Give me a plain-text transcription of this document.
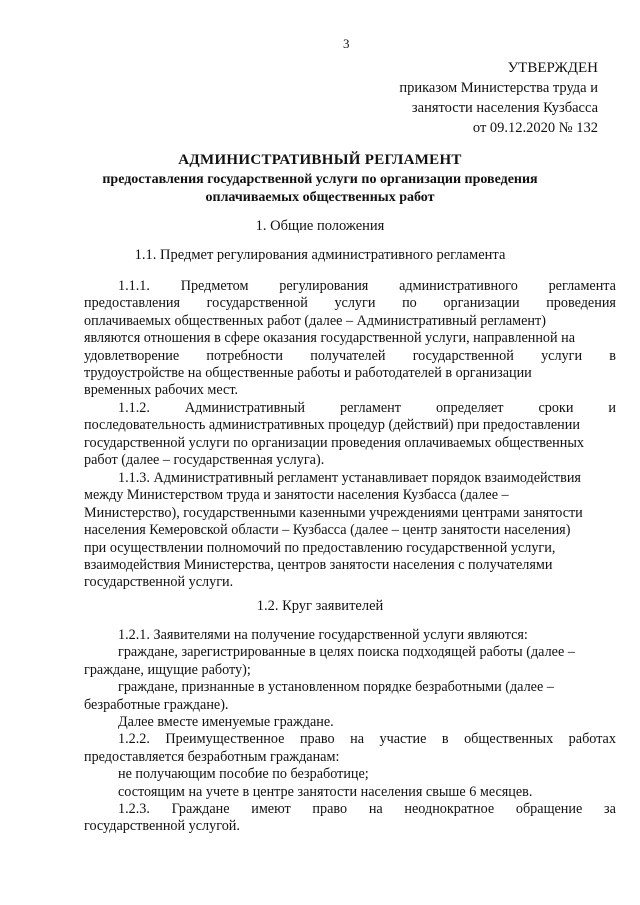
3
УТВЕРЖДЕН
приказом Министерства труда и
занятости населения Кузбасса
от 09.12.2020 № 132
АДМИНИСТРАТИВНЫЙ РЕГЛАМЕНТ
предоставления государственной услуги по организации проведения
оплачиваемых общественных работ
1. Общие положения
1.1. Предмет регулирования административного регламента
1.1.1. Предметом регулирования административного регламента
предоставления государственной услуги по организации проведения
оплачиваемых общественных работ (далее – Административный регламент)
являются отношения в сфере оказания государственной услуги, направленной на
удовлетворение потребности получателей государственной услуги в
трудоустройстве на общественные работы и работодателей в организации
временных рабочих мест.
1.1.2. Административный регламент определяет сроки и
последовательность административных процедур (действий) при предоставлении
государственной услуги по организации проведения оплачиваемых общественных
работ (далее – государственная услуга).
1.1.3. Административный регламент устанавливает порядок взаимодействия
между Министерством труда и занятости населения Кузбасса (далее –
Министерство), государственными казенными учреждениями центрами занятости
населения Кемеровской области – Кузбасса (далее – центр занятости населения)
при осуществлении полномочий по предоставлению государственной услуги,
взаимодействия Министерства, центров занятости населения с получателями
государственной услуги.
1.2. Круг заявителей
1.2.1. Заявителями на получение государственной услуги являются:
граждане, зарегистрированные в целях поиска подходящей работы (далее –
граждане, ищущие работу);
граждане, признанные в установленном порядке безработными (далее –
безработные граждане).
Далее вместе именуемые граждане.
1.2.2. Преимущественное право на участие в общественных работах
предоставляется безработным гражданам:
не получающим пособие по безработице;
состоящим на учете в центре занятости населения свыше 6 месяцев.
1.2.3. Граждане имеют право на неоднократное обращение за
государственной услугой.
